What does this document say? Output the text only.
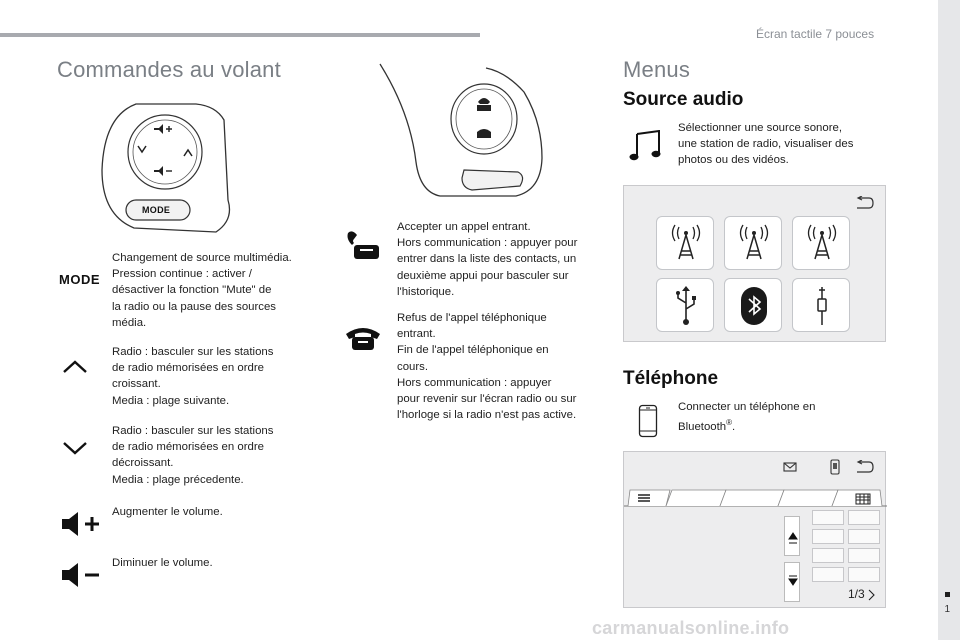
Écran tactile 7 pouces
1
Commandes au volant
MODE
MODE
Changement de source multimédia.
Pression continue : activer /
désactiver la fonction "Mute" de
la radio ou la pause des sources
média.
Radio : basculer sur les stations
de radio mémorisées en ordre
croissant.
Media : plage suivante.
Radio : basculer sur les stations
de radio mémorisées en ordre
décroissant.
Media : plage précedente.
Augmenter le volume.
Diminuer le volume.
Accepter un appel entrant.
Hors communication : appuyer pour
entrer dans la liste des contacts, un
deuxième appui pour basculer sur
l'historique.
Refus de l'appel téléphonique
entrant.
Fin de l'appel téléphonique en
cours.
Hors communication : appuyer
pour revenir sur l'écran radio ou sur
l'horloge si la radio n'est pas active.
Menus
Source audio
Sélectionner une source sonore,
une station de radio, visualiser des
photos ou des vidéos.
Téléphone
Connecter un téléphone en
Bluetooth®.
1/3
carmanualsonline.info
